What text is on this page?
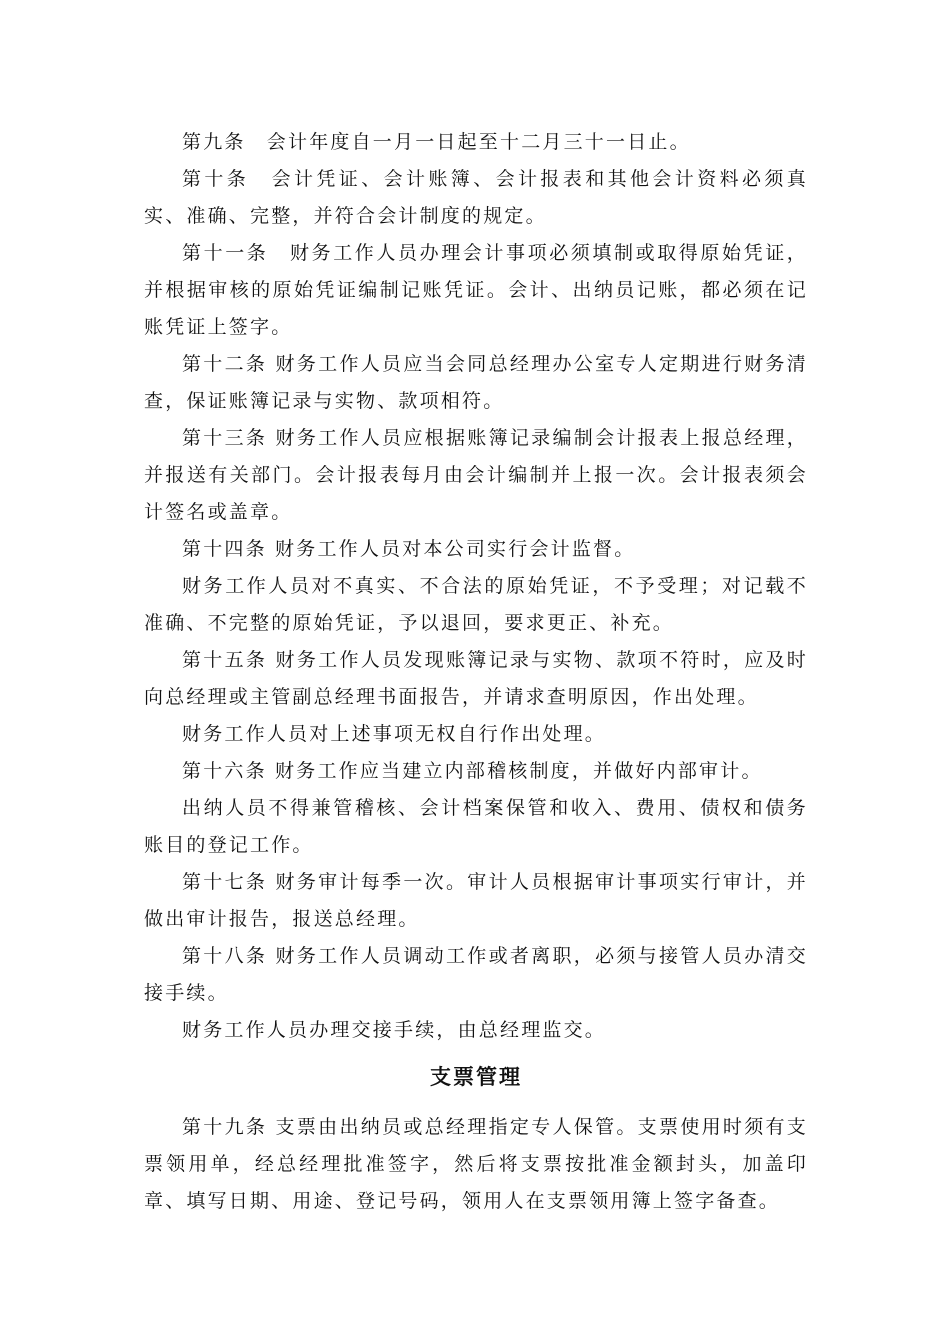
第九条　会计年度自一月一日起至十二月三十一日止。

第十条　会计凭证、会计账簿、会计报表和其他会计资料必须真实、准确、完整，并符合会计制度的规定。

第十一条　财务工作人员办理会计事项必须填制或取得原始凭证，并根据审核的原始凭证编制记账凭证。会计、出纳员记账，都必须在记账凭证上签字。

第十二条 财务工作人员应当会同总经理办公室专人定期进行财务清查，保证账簿记录与实物、款项相符。

第十三条 财务工作人员应根据账簿记录编制会计报表上报总经理，并报送有关部门。会计报表每月由会计编制并上报一次。会计报表须会计签名或盖章。

第十四条 财务工作人员对本公司实行会计监督。

财务工作人员对不真实、不合法的原始凭证，不予受理；对记载不准确、不完整的原始凭证，予以退回，要求更正、补充。

第十五条 财务工作人员发现账簿记录与实物、款项不符时，应及时向总经理或主管副总经理书面报告，并请求查明原因，作出处理。

财务工作人员对上述事项无权自行作出处理。

第十六条 财务工作应当建立内部稽核制度，并做好内部审计。

出纳人员不得兼管稽核、会计档案保管和收入、费用、债权和债务账目的登记工作。

第十七条 财务审计每季一次。审计人员根据审计事项实行审计，并做出审计报告，报送总经理。

第十八条 财务工作人员调动工作或者离职，必须与接管人员办清交接手续。

财务工作人员办理交接手续，由总经理监交。

支票管理

第十九条 支票由出纳员或总经理指定专人保管。支票使用时须有支票领用单，经总经理批准签字，然后将支票按批准金额封头，加盖印章、填写日期、用途、登记号码，领用人在支票领用簿上签字备查。
